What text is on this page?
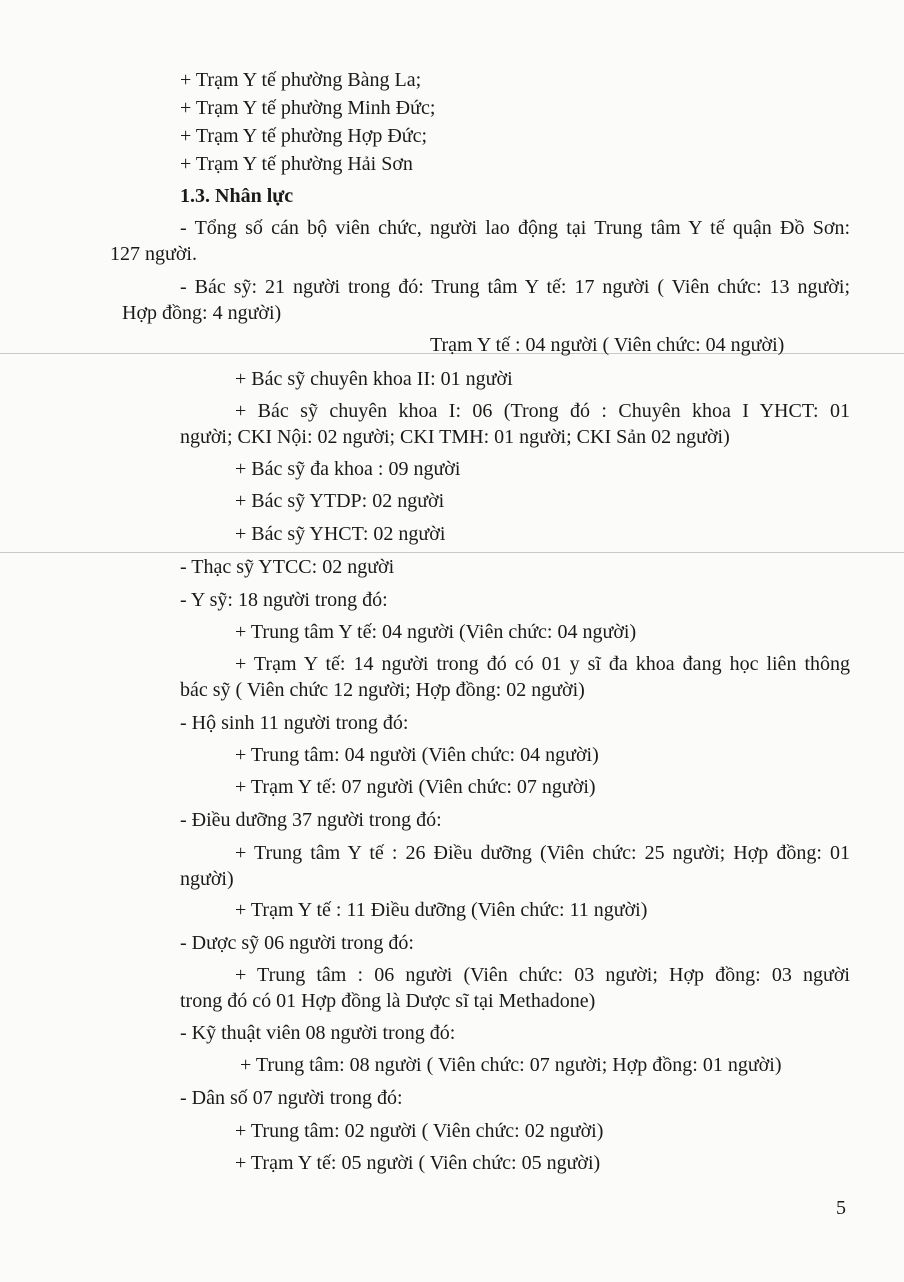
+ Trạm Y tế phường Bàng La;
+ Trạm Y tế phường Minh Đức;
+ Trạm Y tế phường Hợp Đức;
+ Trạm Y tế phường Hải Sơn
1.3. Nhân lực
- Tổng số cán bộ viên chức, người lao động tại Trung tâm Y tế quận Đồ Sơn:
127 người.
- Bác sỹ: 21 người trong đó: Trung tâm Y tế: 17 người ( Viên chức: 13 người;
Hợp đồng: 4 người)
Trạm Y tế : 04 người ( Viên chức: 04 người)
+ Bác sỹ chuyên khoa II: 01 người
+ Bác sỹ chuyên khoa I: 06 (Trong đó : Chuyên khoa I YHCT: 01
người; CKI Nội: 02 người; CKI TMH: 01 người; CKI Sản 02 người)
+ Bác sỹ đa khoa : 09 người
+ Bác sỹ YTDP: 02 người
+ Bác sỹ YHCT: 02 người
- Thạc sỹ YTCC: 02 người
- Y sỹ: 18 người trong đó:
+ Trung tâm Y tế: 04 người (Viên chức: 04 người)
+ Trạm Y tế: 14 người trong đó có 01 y sĩ đa khoa đang học liên thông
bác sỹ ( Viên chức 12 người; Hợp đồng: 02 người)
- Hộ sinh 11 người trong đó:
+ Trung tâm: 04 người (Viên chức: 04 người)
+ Trạm Y tế: 07 người (Viên chức: 07 người)
- Điều dưỡng 37 người trong đó:
+ Trung tâm Y tế : 26 Điều dưỡng (Viên chức: 25 người; Hợp đồng: 01
người)
+ Trạm Y tế : 11 Điều dưỡng (Viên chức: 11 người)
- Dược sỹ 06 người trong đó:
+ Trung tâm : 06 người (Viên chức: 03 người; Hợp đồng: 03 người
trong đó có 01 Hợp đồng là Dược sĩ tại Methadone)
- Kỹ thuật viên 08 người trong đó:
+ Trung tâm: 08 người ( Viên chức: 07 người; Hợp đồng: 01 người)
- Dân số 07 người trong đó:
+ Trung tâm: 02 người ( Viên chức: 02 người)
+ Trạm Y tế: 05 người ( Viên chức: 05 người)
5
